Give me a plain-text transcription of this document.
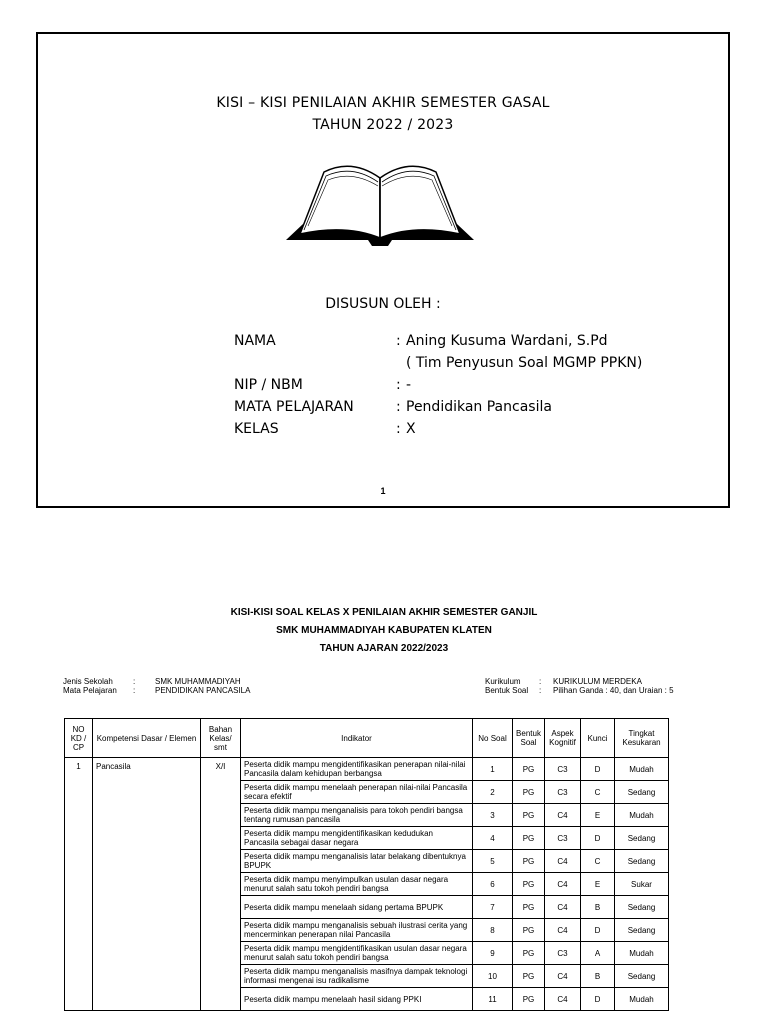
KISI – KISI PENILAIAN AKHIR SEMESTER GASAL
TAHUN 2022 / 2023
DISUSUN OLEH :
NAMA	: Aning Kusuma Wardani, S.Pd
( Tim Penyusun Soal MGMP PPKN)
NIP / NBM	: -
MATA PELAJARAN	: Pendidikan Pancasila
KELAS	: X
1
KISI-KISI SOAL KELAS X PENILAIAN AKHIR SEMESTER GANJIL
SMK MUHAMMADIYAH KABUPATEN KLATEN
TAHUN AJARAN 2022/2023
Jenis Sekolah	:	SMK MUHAMMADIYAH
Mata Pelajaran	:	PENDIDIKAN PANCASILA
Kurikulum	:	KURIKULUM MERDEKA
Bentuk Soal	:	Pilihan Ganda : 40, dan Uraian : 5
NO KD / CP	Kompetensi Dasar / Elemen	Bahan Kelas/ smt	Indikator	No Soal	Bentuk Soal	Aspek Kognitif	Kunci	Tingkat Kesukaran
1	Pancasila	X/I	Peserta didik mampu mengidentifikasikan penerapan nilai-nilai Pancasila dalam kehidupan berbangsa	1	PG	C3	D	Mudah
			Peserta didik mampu menelaah penerapan nilai-nilai Pancasila secara efektif	2	PG	C3	C	Sedang
			Peserta didik mampu menganalisis para tokoh pendiri bangsa tentang rumusan pancasila	3	PG	C4	E	Mudah
			Peserta didik mampu mengidentifikasikan kedudukan Pancasila sebagai dasar negara	4	PG	C3	D	Sedang
			Peserta didik mampu menganalisis latar belakang dibentuknya BPUPK	5	PG	C4	C	Sedang
			Peserta didik mampu menyimpulkan usulan dasar negara menurut salah satu tokoh pendiri bangsa	6	PG	C4	E	Sukar
			Peserta didik mampu menelaah sidang pertama BPUPK	7	PG	C4	B	Sedang
			Peserta didik mampu menganalisis sebuah ilustrasi cerita yang mencerminkan penerapan nilai Pancasila	8	PG	C4	D	Sedang
			Peserta didik mampu mengidentifikasikan usulan dasar negara menurut salah satu tokoh pendiri bangsa	9	PG	C3	A	Mudah
			Peserta didik mampu menganalisis masifnya dampak teknologi informasi mengenai isu radikalisme	10	PG	C4	B	Sedang
			Peserta didik mampu menelaah hasil sidang PPKI	11	PG	C4	D	Mudah
